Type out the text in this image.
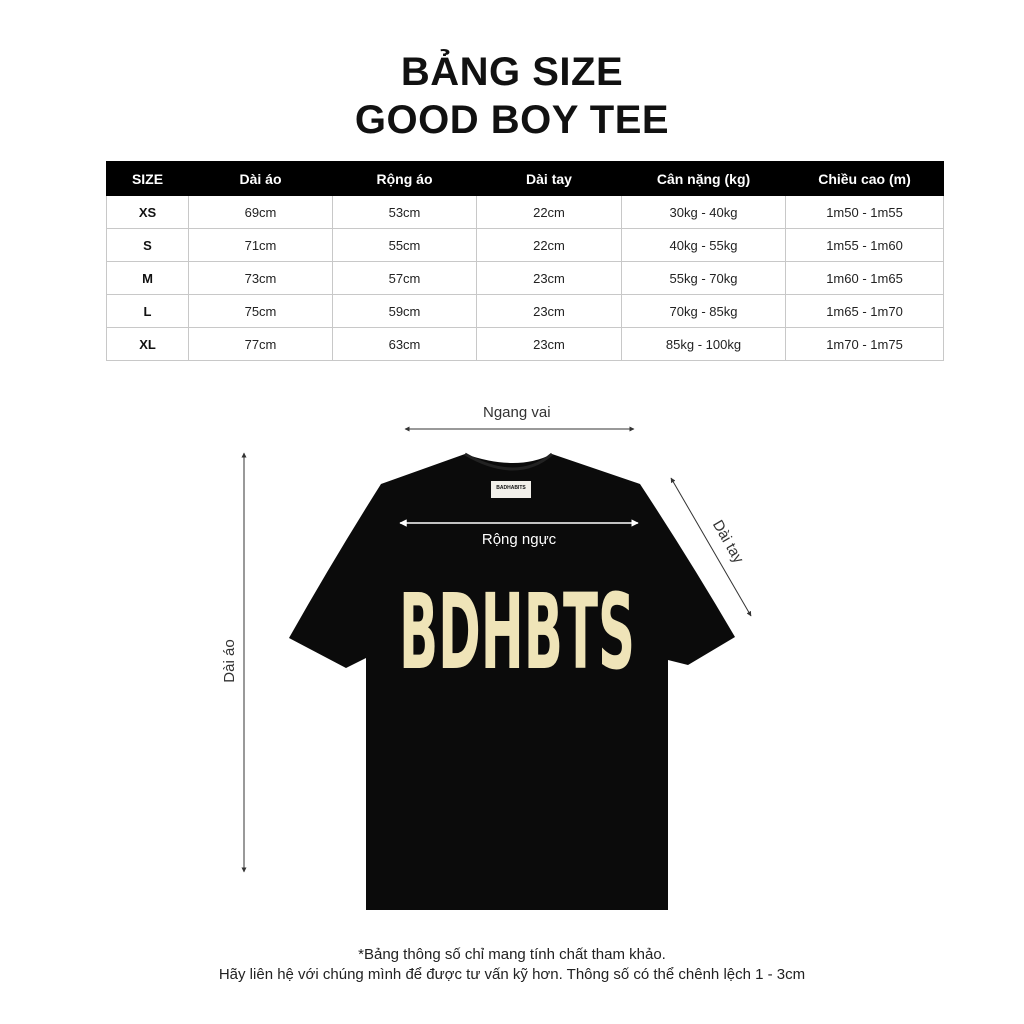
BẢNG SIZE
GOOD BOY TEE
SIZE	Dài áo	Rộng áo	Dài tay	Cân nặng (kg)	Chiều cao (m)
XS	69cm	53cm	22cm	30kg - 40kg	1m50 - 1m55
S	71cm	55cm	22cm	40kg - 55kg	1m55 - 1m60
M	73cm	57cm	23cm	55kg - 70kg	1m60 - 1m65
L	75cm	59cm	23cm	70kg - 85kg	1m65 - 1m70
XL	77cm	63cm	23cm	85kg - 100kg	1m70 - 1m75
BADHABITS
Rộng ngực
BDHBTS
Dài áo
Dài tay
Ngang vai

*Bảng thông số chỉ mang tính chất tham khảo.

Hãy liên hệ với chúng mình để được tư vấn kỹ hơn. Thông số có thể chênh lệch 1 - 3cm
